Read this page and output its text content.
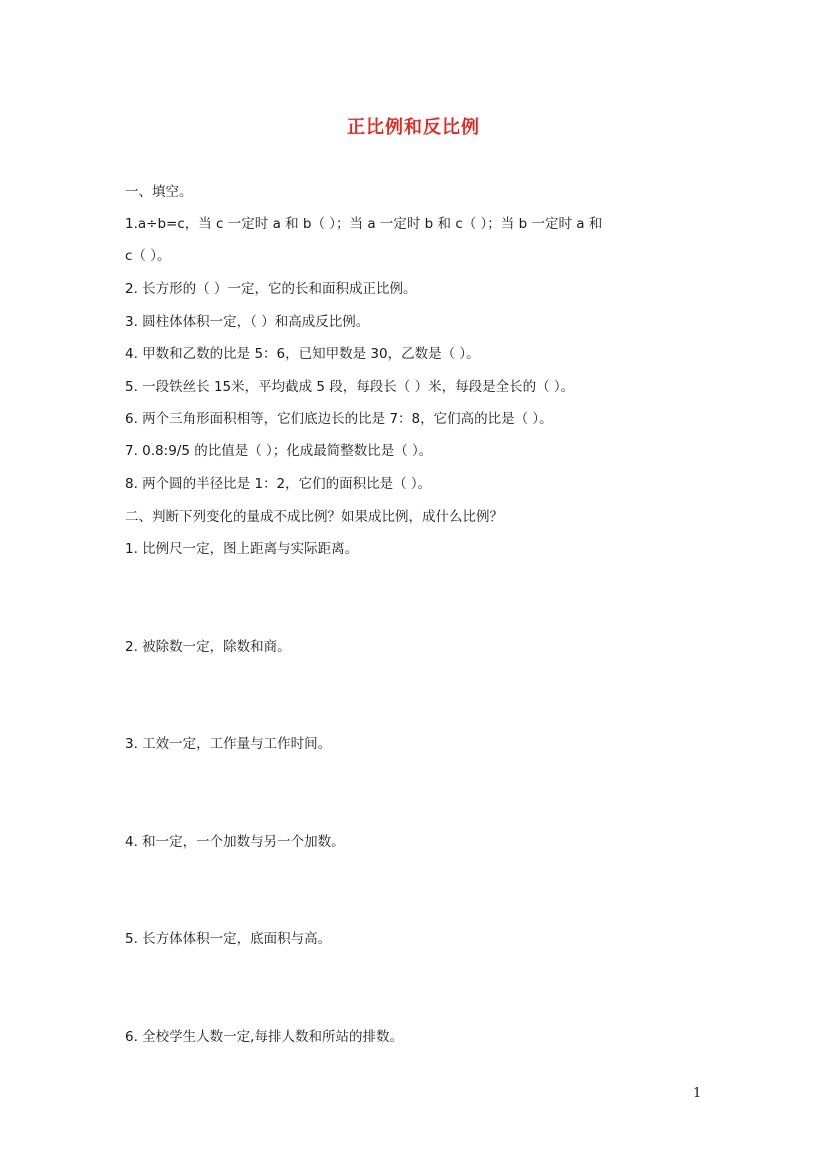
正比例和反比例
一、填空。
1.a÷b=c，当 c 一定时 a 和 b（ ）；当 a 一定时 b 和 c（ ）；当 b 一定时 a 和
c（ ）。
2. 长方形的（ ）一定，它的长和面积成正比例。
3. 圆柱体体积一定，（ ）和高成反比例。
4. 甲数和乙数的比是 5：6，已知甲数是 30，乙数是（ ）。
5. 一段铁丝长 15米，平均截成 5 段，每段长（ ）米，每段是全长的（ ）。
6. 两个三角形面积相等，它们底边长的比是 7：8，它们高的比是（ ）。
7. 0.8:9/5 的比值是（ ）；化成最简整数比是（ ）。
8. 两个圆的半径比是 1：2，它们的面积比是（ ）。
二、判断下列变化的量成不成比例？如果成比例，成什么比例？
1. 比例尺一定，图上距离与实际距离。
2. 被除数一定，除数和商。
3. 工效一定，工作量与工作时间。
4. 和一定，一个加数与另一个加数。
5. 长方体体积一定，底面积与高。
6. 全校学生人数一定,每排人数和所站的排数。
1
